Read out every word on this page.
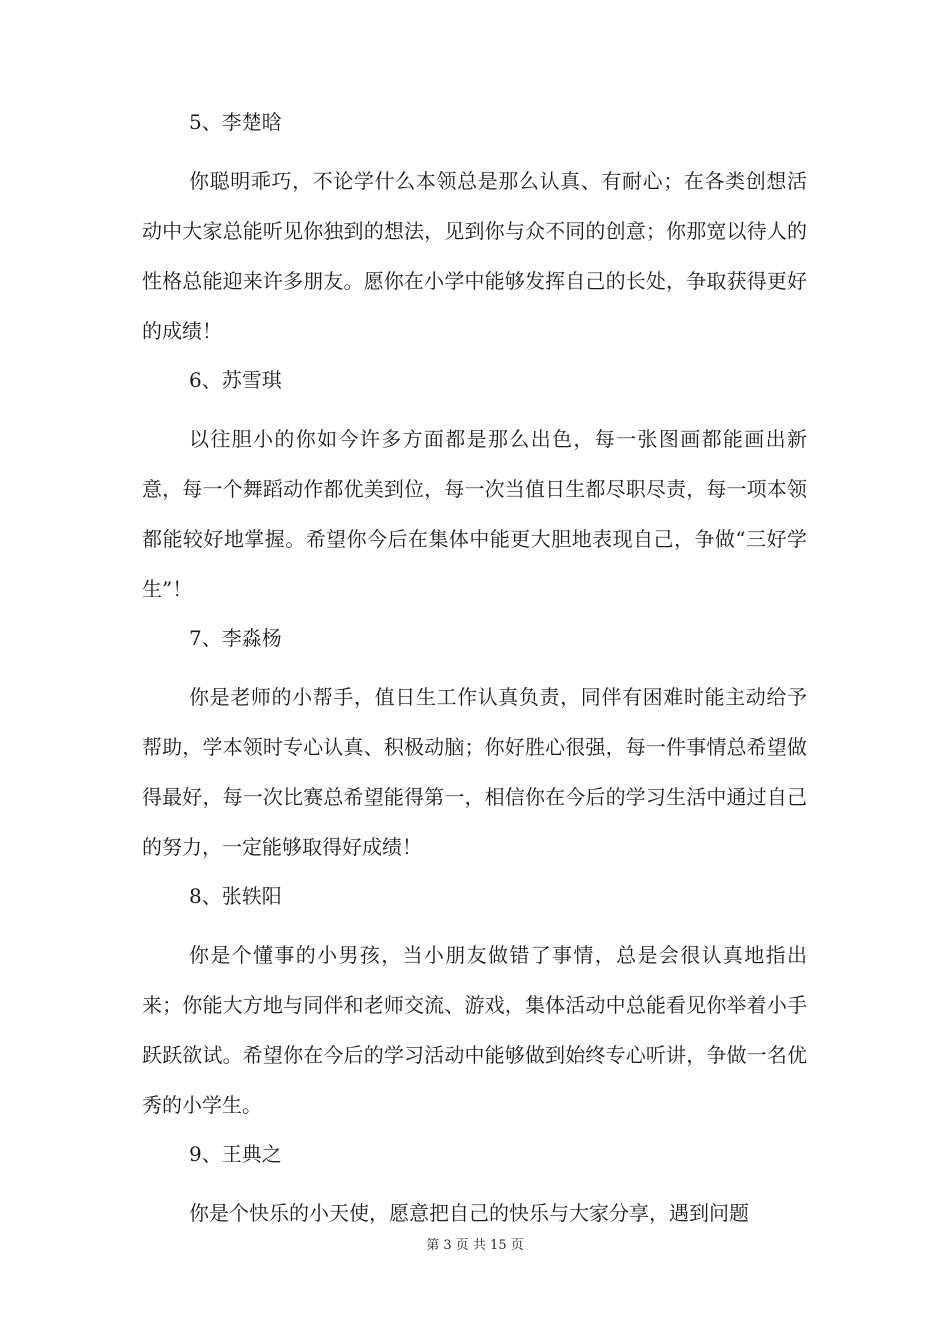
5、李楚晗

你聪明乖巧，不论学什么本领总是那么认真、有耐心；在各类创想活动中大家总能听见你独到的想法，见到你与众不同的创意；你那宽以待人的性格总能迎来许多朋友。愿你在小学中能够发挥自己的长处，争取获得更好的成绩！

6、苏雪琪

以往胆小的你如今许多方面都是那么出色，每一张图画都能画出新意，每一个舞蹈动作都优美到位，每一次当值日生都尽职尽责，每一项本领都能较好地掌握。希望你今后在集体中能更大胆地表现自己，争做“三好学生”！

7、李淼杨

你是老师的小帮手，值日生工作认真负责，同伴有困难时能主动给予帮助，学本领时专心认真、积极动脑；你好胜心很强，每一件事情总希望做得最好，每一次比赛总希望能得第一，相信你在今后的学习生活中通过自己的努力，一定能够取得好成绩！

8、张轶阳

你是个懂事的小男孩，当小朋友做错了事情，总是会很认真地指出来；你能大方地与同伴和老师交流、游戏，集体活动中总能看见你举着小手跃跃欲试。希望你在今后的学习活动中能够做到始终专心听讲，争做一名优秀的小学生。

9、王典之

你是个快乐的小天使，愿意把自己的快乐与大家分享，遇到问题

第 3 页 共 15 页
